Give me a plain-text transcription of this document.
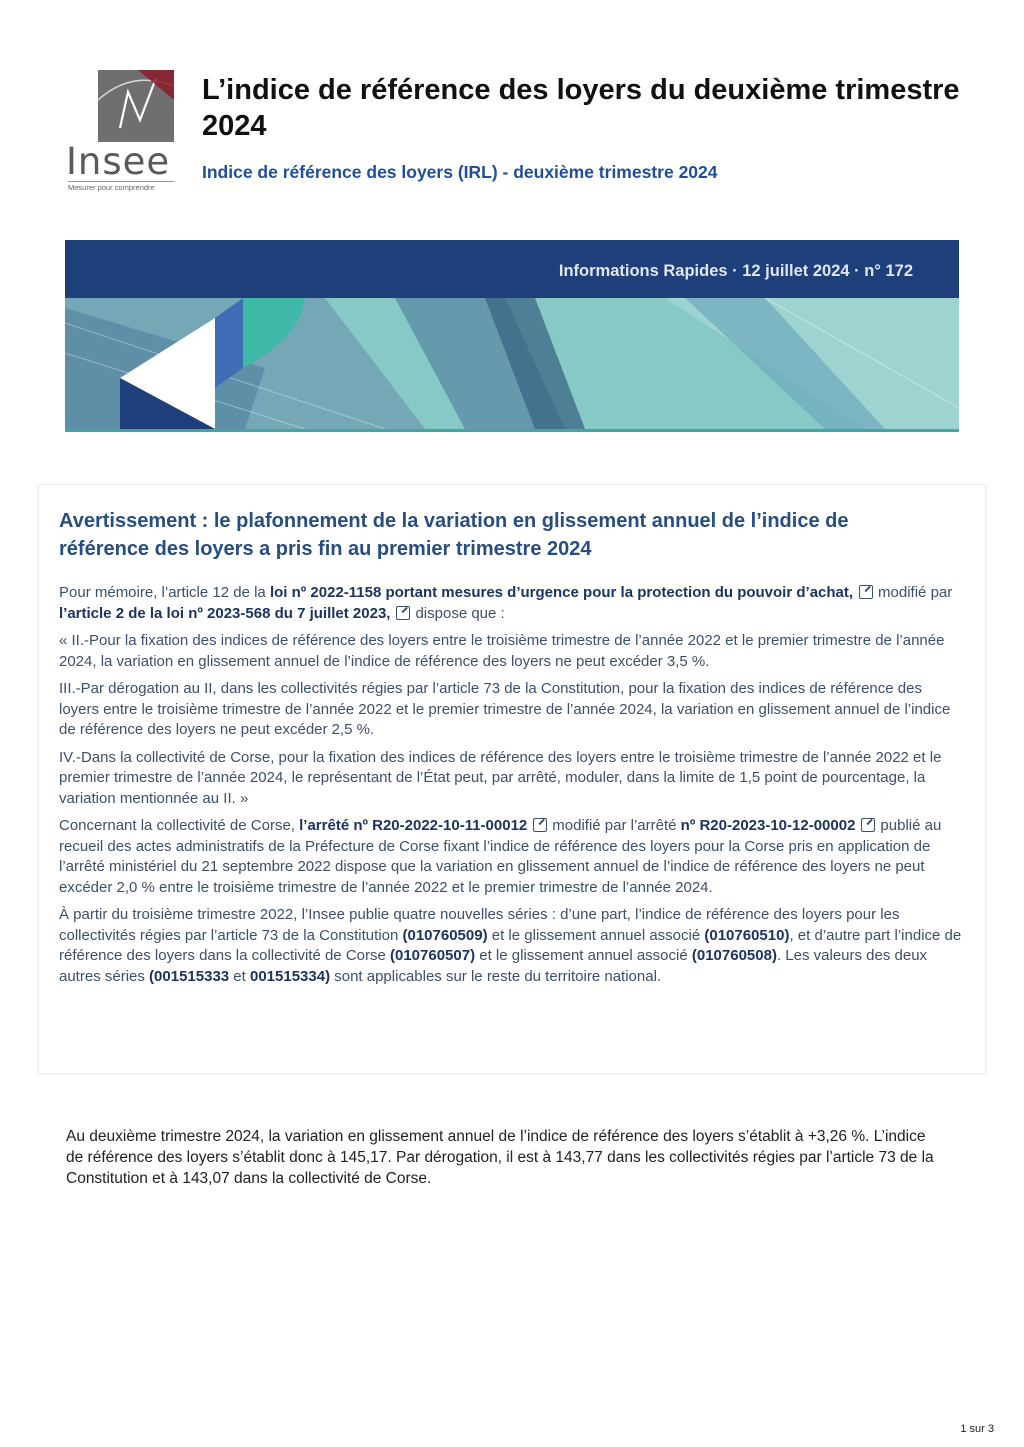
Insee
Mesurer pour comprendre
L’indice de référence des loyers du deuxième trimestre 2024
Indice de référence des loyers (IRL) - deuxième trimestre 2024
Informations Rapides · 12 juillet 2024 · n° 172
Avertissement : le plafonnement de la variation en glissement annuel de l’indice de référence des loyers a pris fin au premier trimestre 2024

Pour mémoire, l’article 12 de la loi nº 2022-1158 portant mesures d’urgence pour la protection du pouvoir d’achat, modifié par l’article 2 de la loi nº 2023-568 du 7 juillet 2023, dispose que :

« II.-Pour la fixation des indices de référence des loyers entre le troisième trimestre de l’année 2022 et le premier trimestre de l’année 2024, la variation en glissement annuel de l’indice de référence des loyers ne peut excéder 3,5 %.

III.-Par dérogation au II, dans les collectivités régies par l’article 73 de la Constitution, pour la fixation des indices de référence des loyers entre le troisième trimestre de l’année 2022 et le premier trimestre de l’année 2024, la variation en glissement annuel de l’indice de référence des loyers ne peut excéder 2,5 %.

IV.-Dans la collectivité de Corse, pour la fixation des indices de référence des loyers entre le troisième trimestre de l’année 2022 et le premier trimestre de l’année 2024, le représentant de l’État peut, par arrêté, moduler, dans la limite de 1,5 point de pourcentage, la variation mentionnée au II. »

Concernant la collectivité de Corse, l’arrêté nº R20-2022-10-11-00012 modifié par l’arrêté nº R20-2023-10-12-00002 publié au recueil des actes administratifs de la Préfecture de Corse fixant l’indice de référence des loyers pour la Corse pris en application de l’arrêté ministériel du 21 septembre 2022 dispose que la variation en glissement annuel de l’indice de référence des loyers ne peut excéder 2,0 % entre le troisième trimestre de l’année 2022 et le premier trimestre de l’année 2024.

À partir du troisième trimestre 2022, l’Insee publie quatre nouvelles séries : d’une part, l’indice de référence des loyers pour les collectivités régies par l’article 73 de la Constitution (010760509) et le glissement annuel associé (010760510), et d’autre part l’indice de référence des loyers dans la collectivité de Corse (010760507) et le glissement annuel associé (010760508). Les valeurs des deux autres séries (001515333 et 001515334) sont applicables sur le reste du territoire national.

Au deuxième trimestre 2024, la variation en glissement annuel de l’indice de référence des loyers s’établit à +3,26 %. L’indice de référence des loyers s’établit donc à 145,17. Par dérogation, il est à 143,77 dans les collectivités régies par l’article 73 de la Constitution et à 143,07 dans la collectivité de Corse.

1 sur 3
